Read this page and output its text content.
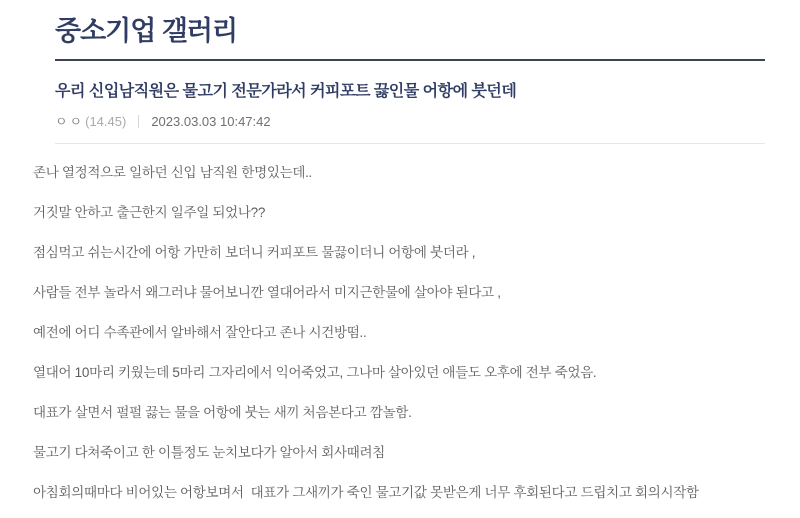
중소기업 갤러리
우리 신입남직원은 물고기 전문가라서 커피포트 끓인물 어항에 붓던데
ㅇㅇ(14.45) 2023.03.03 10:47:42

존나 열정적으로 일하던 신입 남직원 한명있는데..

거짓말 안하고 출근한지 일주일 되었나??

점심먹고 쉬는시간에 어항 가만히 보더니 커피포트 물끓이더니 어항에 붓더라 ,

사람들 전부 놀라서 왜그러냐 물어보니깐 열대어라서 미지근한물에 살아야 된다고 ,

예전에 어디 수족관에서 알바해서 잘안다고 존나 시건방떰..

열대어 10마리 키웠는데 5마리 그자리에서 익어죽었고, 그나마 살아있던 애들도 오후에 전부 죽었음.

대표가 살면서 펄펄 끓는 물을 어항에 붓는 새끼 처음본다고 깜놀함.

물고기 다쳐죽이고 한 이틀정도 눈치보다가 알아서 회사때려침

아침회의때마다 비어있는 어항보며서  대표가 그새끼가 죽인 물고기값 못받은게 너무 후회된다고 드립치고 회의시작함
